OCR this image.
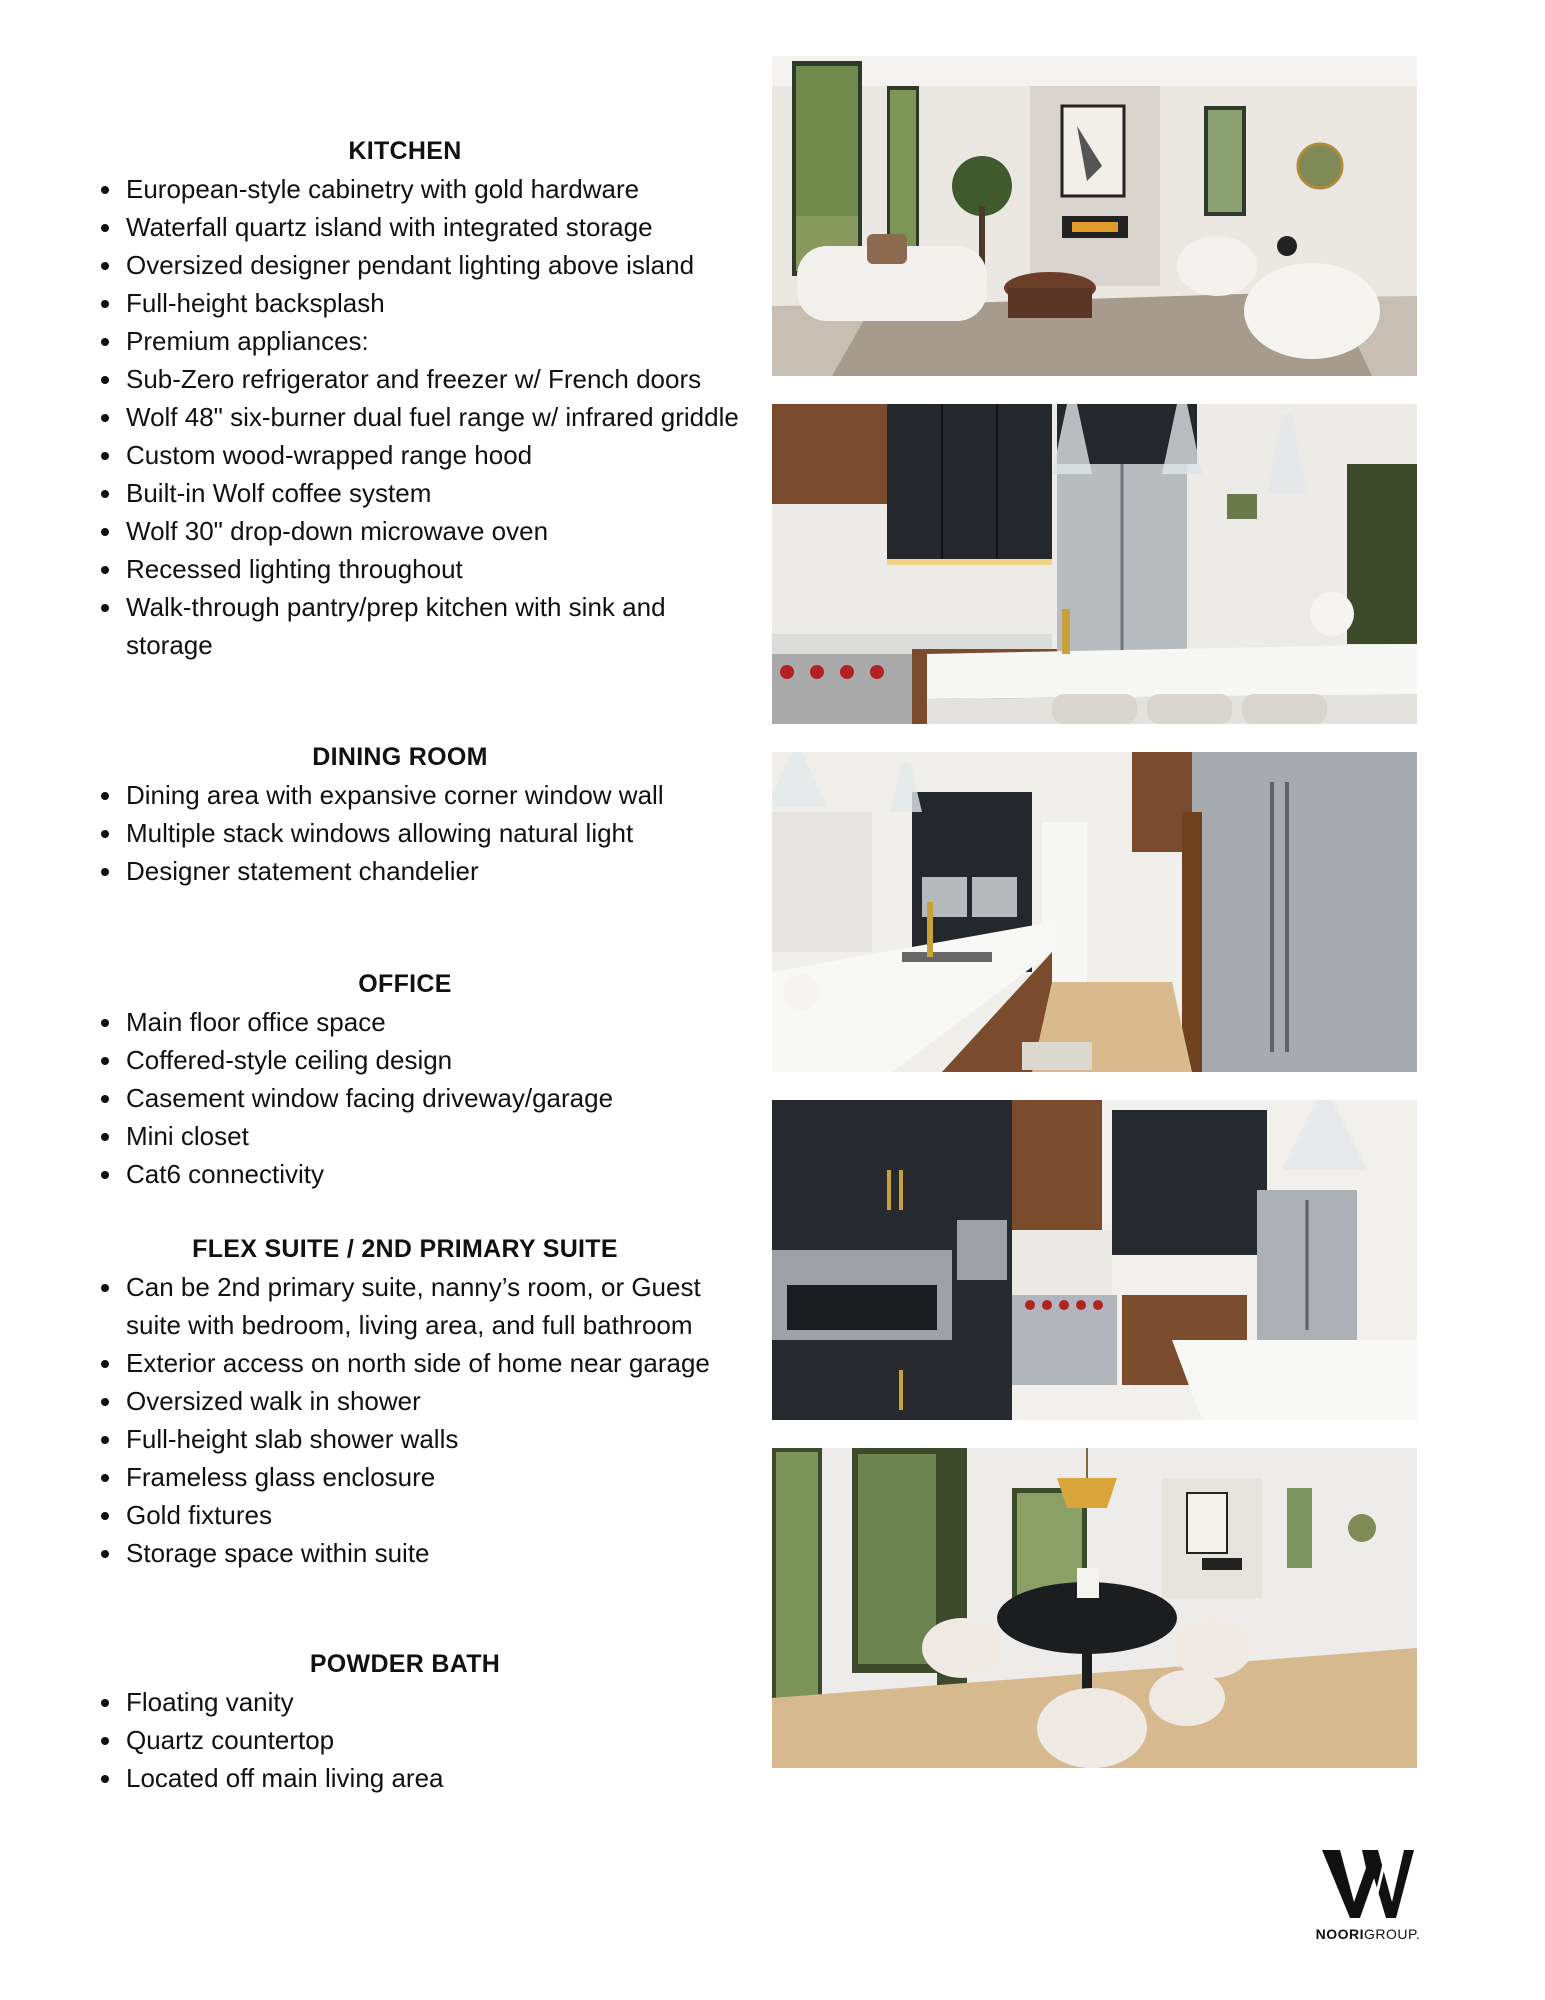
KITCHEN
• European-style cabinetry with gold hardware
• Waterfall quartz island with integrated storage
• Oversized designer pendant lighting above island
• Full-height backsplash
• Premium appliances:
• Sub-Zero refrigerator and freezer w/ French doors
• Wolf 48" six-burner dual fuel range w/ infrared griddle
• Custom wood-wrapped range hood
• Built-in Wolf coffee system
• Wolf 30" drop-down microwave oven
• Recessed lighting throughout
• Walk-through pantry/prep kitchen with sink and storage
DINING ROOM
• Dining area with expansive corner window wall
• Multiple stack windows allowing natural light
• Designer statement chandelier
OFFICE
• Main floor office space
• Coffered-style ceiling design
• Casement window facing driveway/garage
• Mini closet
• Cat6 connectivity
FLEX SUITE / 2ND PRIMARY SUITE
• Can be 2nd primary suite, nanny’s room, or Guest suite with bedroom, living area, and full bathroom
• Exterior access on north side of home near garage
• Oversized walk in shower
• Full-height slab shower walls
• Frameless glass enclosure
• Gold fixtures
• Storage space within suite
POWDER BATH
• Floating vanity
• Quartz countertop
• Located off main living area
NOORIGROUP.
